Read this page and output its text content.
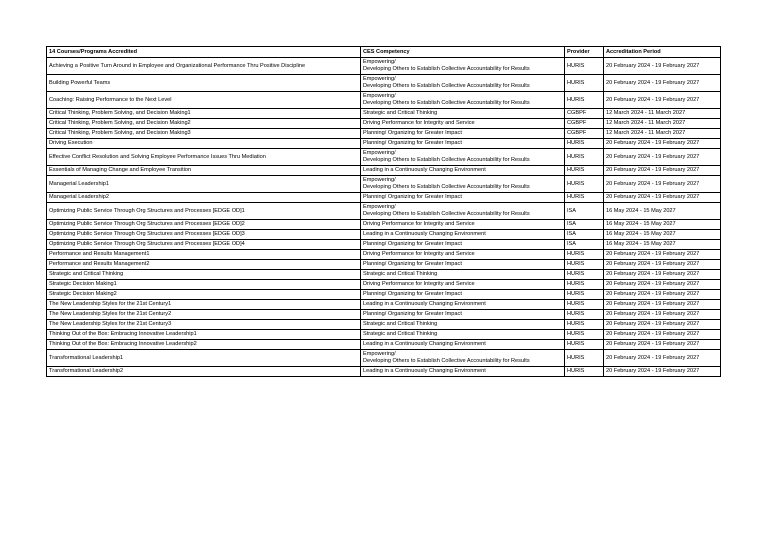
14 Courses/Programs Accredited	CES Competency	Provider	Accreditation Period
Achieving a Positive Turn Around in Employee and Organizational Performance Thru Positive Discipline	Empowering/
Developing Others to Establish Collective Accountability for Results	HURIS	20 February 2024 - 19 February 2027
Building Powerful Teams	Empowering/
Developing Others to Establish Collective Accountability for Results	HURIS	20 February 2024 - 19 February 2027
Coaching: Raising Performance to the Next Level	Empowering/
Developing Others to Establish Collective Accountability for Results	HURIS	20 February 2024 - 19 February 2027
Critical Thinking, Problem Solving, and Decision Making1	Strategic and Critical Thinking	CGBPF	12 March 2024 - 11 March 2027
Critical Thinking, Problem Solving, and Decision Making2	Driving Performance for Integrity and Service	CGBPF	12 March 2024 - 11 March 2027
Critical Thinking, Problem Solving, and Decision Making3	Planning/ Organizing for Greater Impact	CGBPF	12 March 2024 - 11 March 2027
Driving Execution	Planning/ Organizing for Greater Impact	HURIS	20 February 2024 - 19 February 2027
Effective Conflict Resolution and Solving Employee Performance Issues Thru Mediation	Empowering/
Developing Others to Establish Collective Accountability for Results	HURIS	20 February 2024 - 19 February 2027
Essentials of Managing Change and Employee Transition	Leading in a Continuously Changing Environment	HURIS	20 February 2024 - 19 February 2027
Managerial Leadership1	Empowering/
Developing Others to Establish Collective Accountability for Results	HURIS	20 February 2024 - 19 February 2027
Managerial Leadership2	Planning/ Organizing for Greater Impact	HURIS	20 February 2024 - 19 February 2027
Optimizing Public Service Through Org Structures and Processes [EDGE OD]1	Empowering/
Developing Others to Establish Collective Accountability for Results	ISA	16 May 2024 - 15 May 2027
Optimizing Public Service Through Org Structures and Processes [EDGE OD]2	Driving Performance for Integrity and Service	ISA	16 May 2024 - 15 May 2027
Optimizing Public Service Through Org Structures and Processes [EDGE OD]3	Leading in a Continuously Changing Environment	ISA	16 May 2024 - 15 May 2027
Optimizing Public Service Through Org Structures and Processes [EDGE OD]4	Planning/ Organizing for Greater Impact	ISA	16 May 2024 - 15 May 2027
Performance and Results Management1	Driving Performance for Integrity and Service	HURIS	20 February 2024 - 19 February 2027
Performance and Results Management2	Planning/ Organizing for Greater Impact	HURIS	20 February 2024 - 19 February 2027
Strategic and Critical Thinking	Strategic and Critical Thinking	HURIS	20 February 2024 - 19 February 2027
Strategic Decision Making1	Driving Performance for Integrity and Service	HURIS	20 February 2024 - 19 February 2027
Strategic Decision Making2	Planning/ Organizing for Greater Impact	HURIS	20 February 2024 - 19 February 2027
The New Leadership Styles for the 21st Century1	Leading in a Continuously Changing Environment	HURIS	20 February 2024 - 19 February 2027
The New Leadership Styles for the 21st Century2	Planning/ Organizing for Greater Impact	HURIS	20 February 2024 - 19 February 2027
The New Leadership Styles for the 21st Century3	Strategic and Critical Thinking	HURIS	20 February 2024 - 19 February 2027
Thinking Out of the Box: Embracing Innovative Leadership1	Strategic and Critical Thinking	HURIS	20 February 2024 - 19 February 2027
Thinking Out of the Box: Embracing Innovative Leadership2	Leading in a Continuously Changing Environment	HURIS	20 February 2024 - 19 February 2027
Transformational Leadership1	Empowering/
Developing Others to Establish Collective Accountability for Results	HURIS	20 February 2024 - 19 February 2027
Transformational Leadership2	Leading in a Continuously Changing Environment	HURIS	20 February 2024 - 19 February 2027
